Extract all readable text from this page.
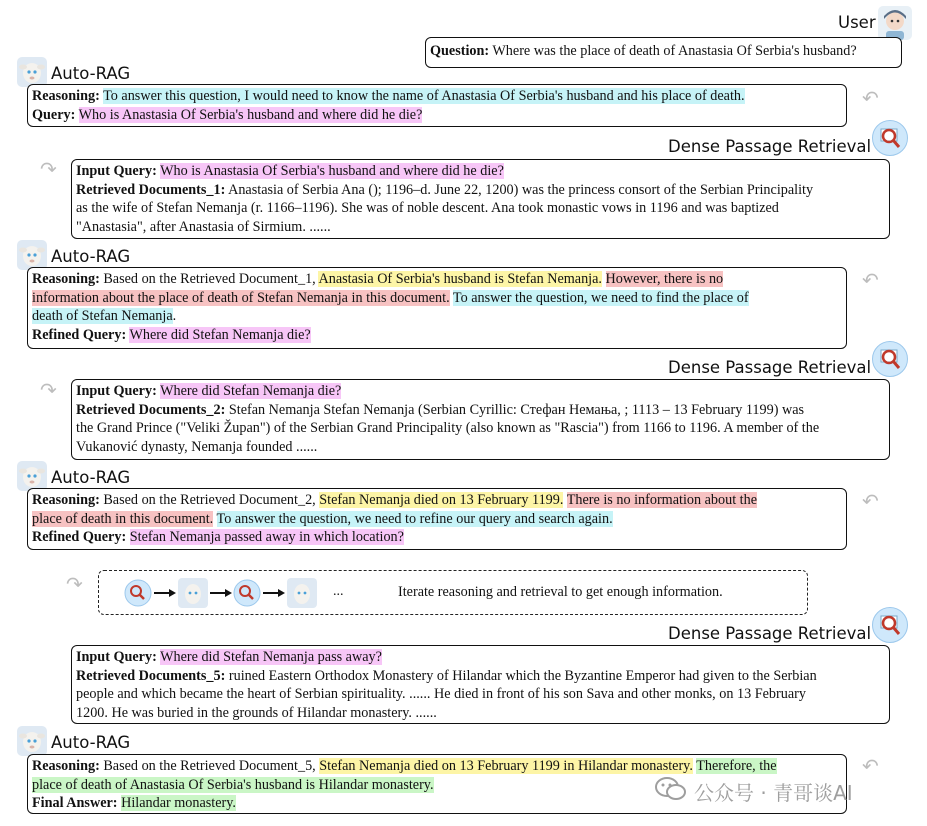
User
Question: Where was the place of death of Anastasia Of Serbia's husband?
Auto-RAG
Reasoning: To answer this question, I would need to know the name of Anastasia Of Serbia's husband and his place of death.
Query: Who is Anastasia Of Serbia's husband and where did he die?
↶
Dense Passage Retrieval
↷ Input Query: Who is Anastasia Of Serbia's husband and where did he die?
Retrieved Documents_1: Anastasia of Serbia Ana (); 1196–d. June 22, 1200) was the princess consort of the Serbian Principality
as the wife of Stefan Nemanja (r. 1166–1196). She was of noble descent. Ana took monastic vows in 1196 and was baptized
"Anastasia", after Anastasia of Sirmium. ......
Auto-RAG
Reasoning: Based on the Retrieved Document_1, Anastasia Of Serbia's husband is Stefan Nemanja. However, there is no
information about the place of death of Stefan Nemanja in this document. To answer the question, we need to find the place of
death of Stefan Nemanja.
Refined Query: Where did Stefan Nemanja die?
↶
Dense Passage Retrieval
↷ Input Query: Where did Stefan Nemanja die?
Retrieved Documents_2: Stefan Nemanja Stefan Nemanja (Serbian Cyrillic: Стефан Немања, ; 1113 – 13 February 1199) was
the Grand Prince ("Veliki Župan") of the Serbian Grand Principality (also known as "Rascia") from 1166 to 1196. A member of the
Vukanović dynasty, Nemanja founded ......
Auto-RAG
Reasoning: Based on the Retrieved Document_2, Stefan Nemanja died on 13 February 1199. There is no information about the
place of death in this document. To answer the question, we need to refine our query and search again.
Refined Query: Stefan Nemanja passed away in which location?
↶
↷	...	Iterate reasoning and retrieval to get enough information.
Dense Passage Retrieval
Input Query: Where did Stefan Nemanja pass away?
Retrieved Documents_5: ruined Eastern Orthodox Monastery of Hilandar which the Byzantine Emperor had given to the Serbian
people and which became the heart of Serbian spirituality. ...... He died in front of his son Sava and other monks, on 13 February
1200. He was buried in the grounds of Hilandar monastery. ......
Auto-RAG
Reasoning: Based on the Retrieved Document_5, Stefan Nemanja died on 13 February 1199 in Hilandar monastery. Therefore, the
place of death of Anastasia Of Serbia's husband is Hilandar monastery.
Final Answer: Hilandar monastery.
↶
公众号 · 青哥谈AI
